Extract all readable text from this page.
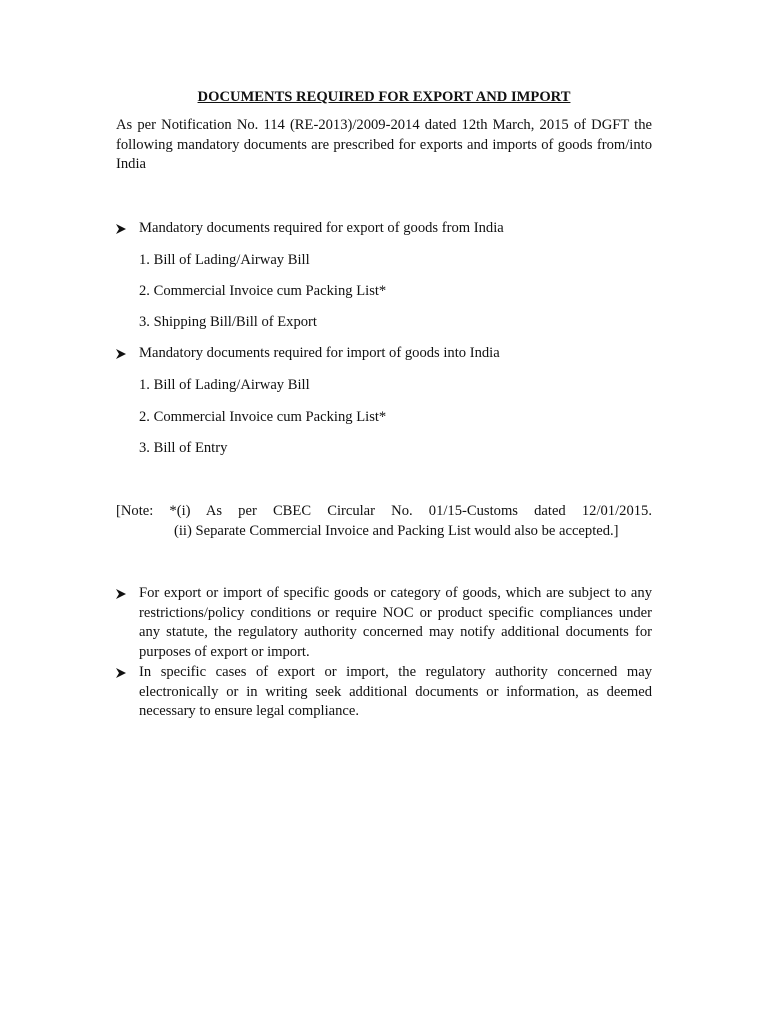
DOCUMENTS REQUIRED FOR EXPORT AND IMPORT
As per Notification No. 114 (RE-2013)/2009-2014 dated 12th March, 2015 of DGFT the following mandatory documents are prescribed for exports and imports of goods from/into India
Mandatory documents required for export of goods from India
1. Bill of Lading/Airway Bill
2. Commercial Invoice cum Packing List*
3. Shipping Bill/Bill of Export
Mandatory documents required for import of goods into India
1. Bill of Lading/Airway Bill
2. Commercial Invoice cum Packing List*
3. Bill of Entry
[Note: *(i) As per CBEC Circular No. 01/15-Customs dated 12/01/2015.
(ii) Separate Commercial Invoice and Packing List would also be accepted.]
For export or import of specific goods or category of goods, which are subject to any restrictions/policy conditions or require NOC or product specific compliances under any statute, the regulatory authority concerned may notify additional documents for purposes of export or import.
In specific cases of export or import, the regulatory authority concerned may electronically or in writing seek additional documents or information, as deemed necessary to ensure legal compliance.
